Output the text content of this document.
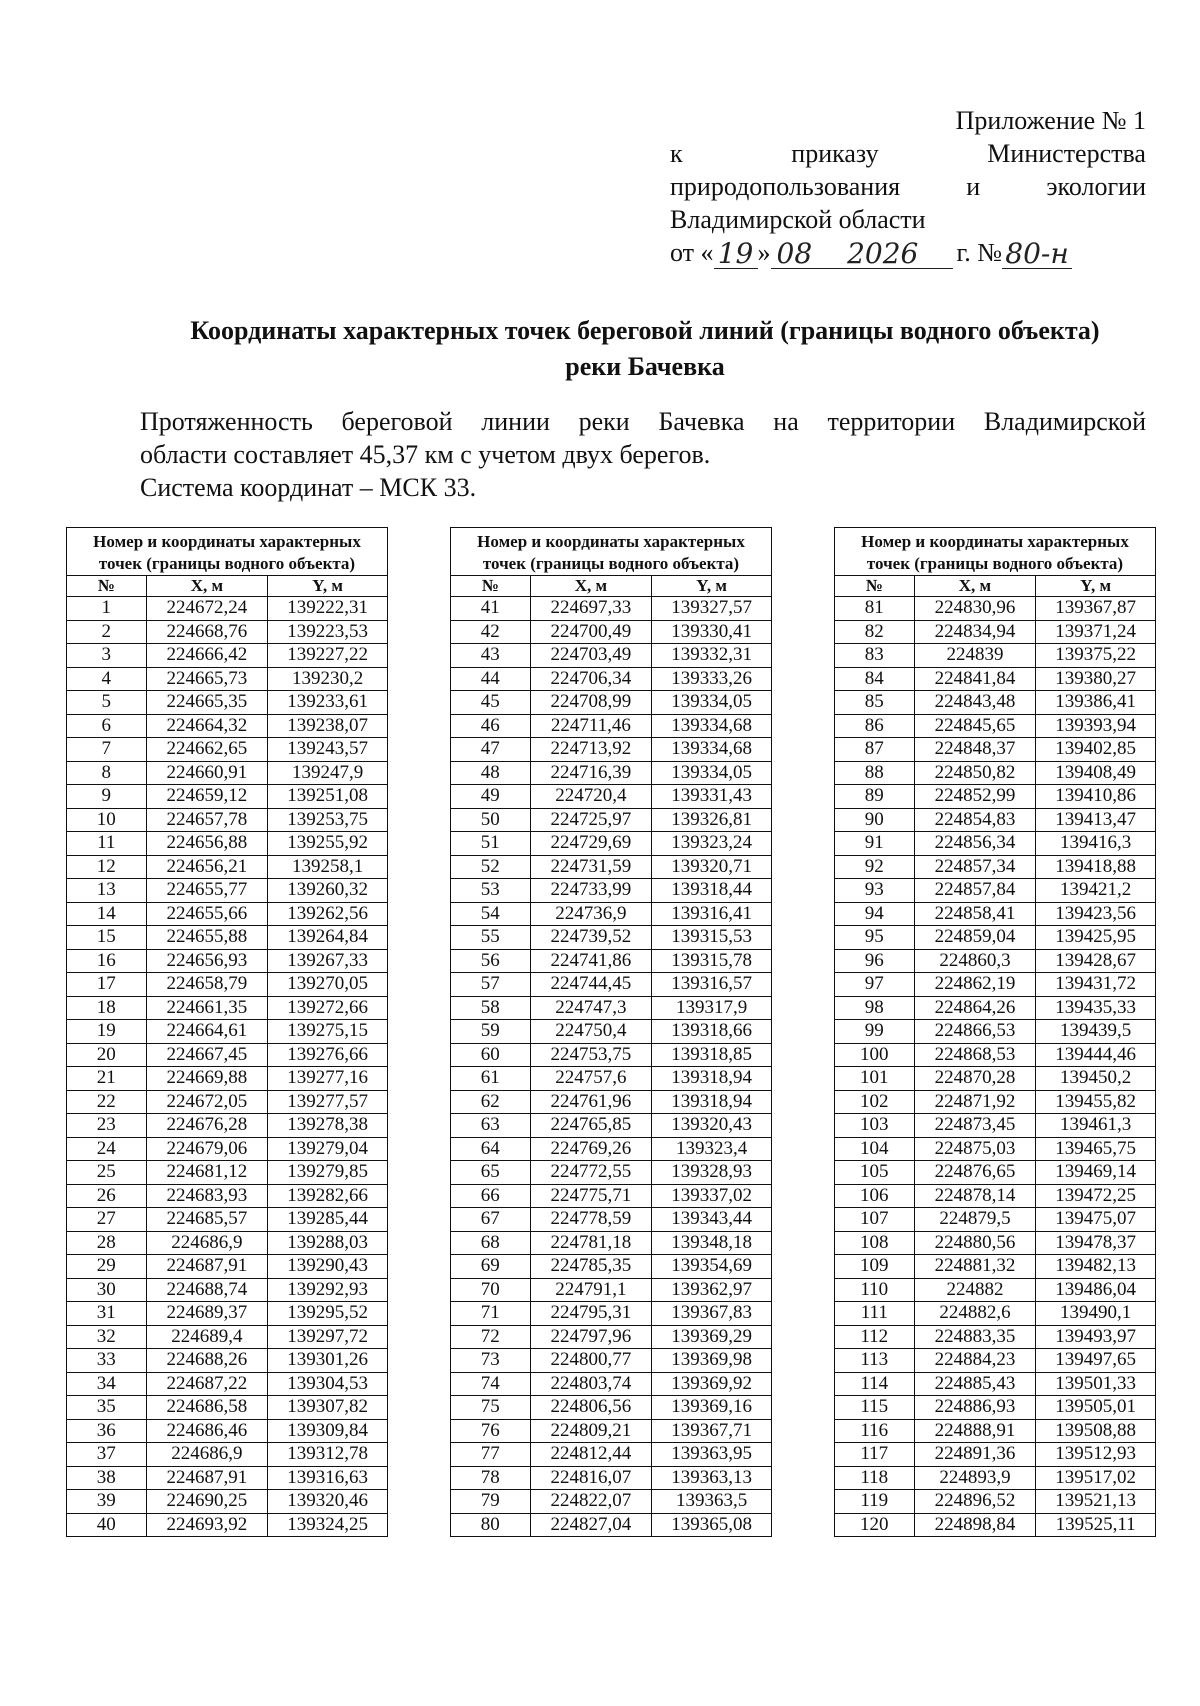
Приложение № 1
к	приказу	Министерства
природопользования	и	экологии
Владимирской области
от « 19 » 08 2026	г. № 80-н
Координаты характерных точек береговой линий (границы водного объекта)
реки Бачевка
Протяженность береговой линии реки Бачевка на территории Владимирской
области составляет 45,37 км с учетом двух берегов.
Система координат – МСК 33.
Номер и координаты характерных точек (границы водного объекта)		
№	Х, м	Y, м
1	224672,24	139222,31
2	224668,76	139223,53
3	224666,42	139227,22
4	224665,73	139230,2
5	224665,35	139233,61
6	224664,32	139238,07
7	224662,65	139243,57
8	224660,91	139247,9
9	224659,12	139251,08
10	224657,78	139253,75
11	224656,88	139255,92
12	224656,21	139258,1
13	224655,77	139260,32
14	224655,66	139262,56
15	224655,88	139264,84
16	224656,93	139267,33
17	224658,79	139270,05
18	224661,35	139272,66
19	224664,61	139275,15
20	224667,45	139276,66
21	224669,88	139277,16
22	224672,05	139277,57
23	224676,28	139278,38
24	224679,06	139279,04
25	224681,12	139279,85
26	224683,93	139282,66
27	224685,57	139285,44
28	224686,9	139288,03
29	224687,91	139290,43
30	224688,74	139292,93
31	224689,37	139295,52
32	224689,4	139297,72
33	224688,26	139301,26
34	224687,22	139304,53
35	224686,58	139307,82
36	224686,46	139309,84
37	224686,9	139312,78
38	224687,91	139316,63
39	224690,25	139320,46
40	224693,92	139324,25
Номер и координаты характерных точек (границы водного объекта)		
№	Х, м	Y, м
41	224697,33	139327,57
42	224700,49	139330,41
43	224703,49	139332,31
44	224706,34	139333,26
45	224708,99	139334,05
46	224711,46	139334,68
47	224713,92	139334,68
48	224716,39	139334,05
49	224720,4	139331,43
50	224725,97	139326,81
51	224729,69	139323,24
52	224731,59	139320,71
53	224733,99	139318,44
54	224736,9	139316,41
55	224739,52	139315,53
56	224741,86	139315,78
57	224744,45	139316,57
58	224747,3	139317,9
59	224750,4	139318,66
60	224753,75	139318,85
61	224757,6	139318,94
62	224761,96	139318,94
63	224765,85	139320,43
64	224769,26	139323,4
65	224772,55	139328,93
66	224775,71	139337,02
67	224778,59	139343,44
68	224781,18	139348,18
69	224785,35	139354,69
70	224791,1	139362,97
71	224795,31	139367,83
72	224797,96	139369,29
73	224800,77	139369,98
74	224803,74	139369,92
75	224806,56	139369,16
76	224809,21	139367,71
77	224812,44	139363,95
78	224816,07	139363,13
79	224822,07	139363,5
80	224827,04	139365,08
Номер и координаты характерных точек (границы водного объекта)		
№	Х, м	Y, м
81	224830,96	139367,87
82	224834,94	139371,24
83	224839	139375,22
84	224841,84	139380,27
85	224843,48	139386,41
86	224845,65	139393,94
87	224848,37	139402,85
88	224850,82	139408,49
89	224852,99	139410,86
90	224854,83	139413,47
91	224856,34	139416,3
92	224857,34	139418,88
93	224857,84	139421,2
94	224858,41	139423,56
95	224859,04	139425,95
96	224860,3	139428,67
97	224862,19	139431,72
98	224864,26	139435,33
99	224866,53	139439,5
100	224868,53	139444,46
101	224870,28	139450,2
102	224871,92	139455,82
103	224873,45	139461,3
104	224875,03	139465,75
105	224876,65	139469,14
106	224878,14	139472,25
107	224879,5	139475,07
108	224880,56	139478,37
109	224881,32	139482,13
110	224882	139486,04
111	224882,6	139490,1
112	224883,35	139493,97
113	224884,23	139497,65
114	224885,43	139501,33
115	224886,93	139505,01
116	224888,91	139508,88
117	224891,36	139512,93
118	224893,9	139517,02
119	224896,52	139521,13
120	224898,84	139525,11
